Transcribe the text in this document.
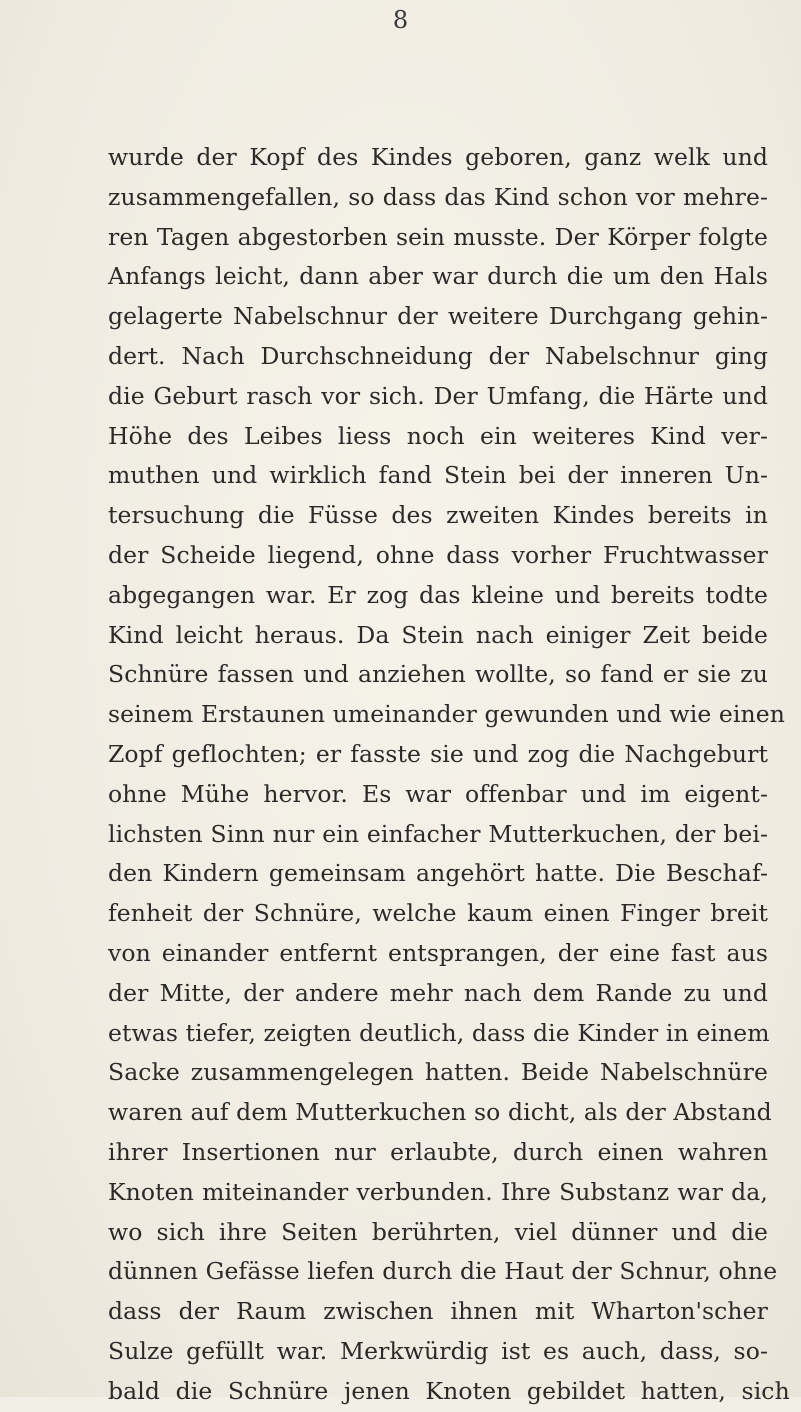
8

wurde der Kopf des Kindes geboren, ganz welk und
zusammengefallen, so dass das Kind schon vor mehre-
ren Tagen abgestorben sein musste. Der Körper folgte
Anfangs leicht, dann aber war durch die um den Hals
gelagerte Nabelschnur der weitere Durchgang gehin-
dert. Nach Durchschneidung der Nabelschnur ging
die Geburt rasch vor sich. Der Umfang, die Härte und
Höhe des Leibes liess noch ein weiteres Kind ver-
muthen und wirklich fand Stein bei der inneren Un-
tersuchung die Füsse des zweiten Kindes bereits in
der Scheide liegend, ohne dass vorher Fruchtwasser
abgegangen war. Er zog das kleine und bereits todte
Kind leicht heraus. Da Stein nach einiger Zeit beide
Schnüre fassen und anziehen wollte, so fand er sie zu
seinem Erstaunen umeinander gewunden und wie einen
Zopf geflochten; er fasste sie und zog die Nachgeburt
ohne Mühe hervor. Es war offenbar und im eigent-
lichsten Sinn nur ein einfacher Mutterkuchen, der bei-
den Kindern gemeinsam angehört hatte. Die Beschaf-
fenheit der Schnüre, welche kaum einen Finger breit
von einander entfernt entsprangen, der eine fast aus
der Mitte, der andere mehr nach dem Rande zu und
etwas tiefer, zeigten deutlich, dass die Kinder in einem
Sacke zusammengelegen hatten. Beide Nabelschnüre
waren auf dem Mutterkuchen so dicht, als der Abstand
ihrer Insertionen nur erlaubte, durch einen wahren
Knoten miteinander verbunden. Ihre Substanz war da,
wo sich ihre Seiten berührten, viel dünner und die
dünnen Gefässe liefen durch die Haut der Schnur, ohne
dass der Raum zwischen ihnen mit Wharton'scher
Sulze gefüllt war. Merkwürdig ist es auch, dass, so-
bald die Schnüre jenen Knoten gebildet hatten, sich
